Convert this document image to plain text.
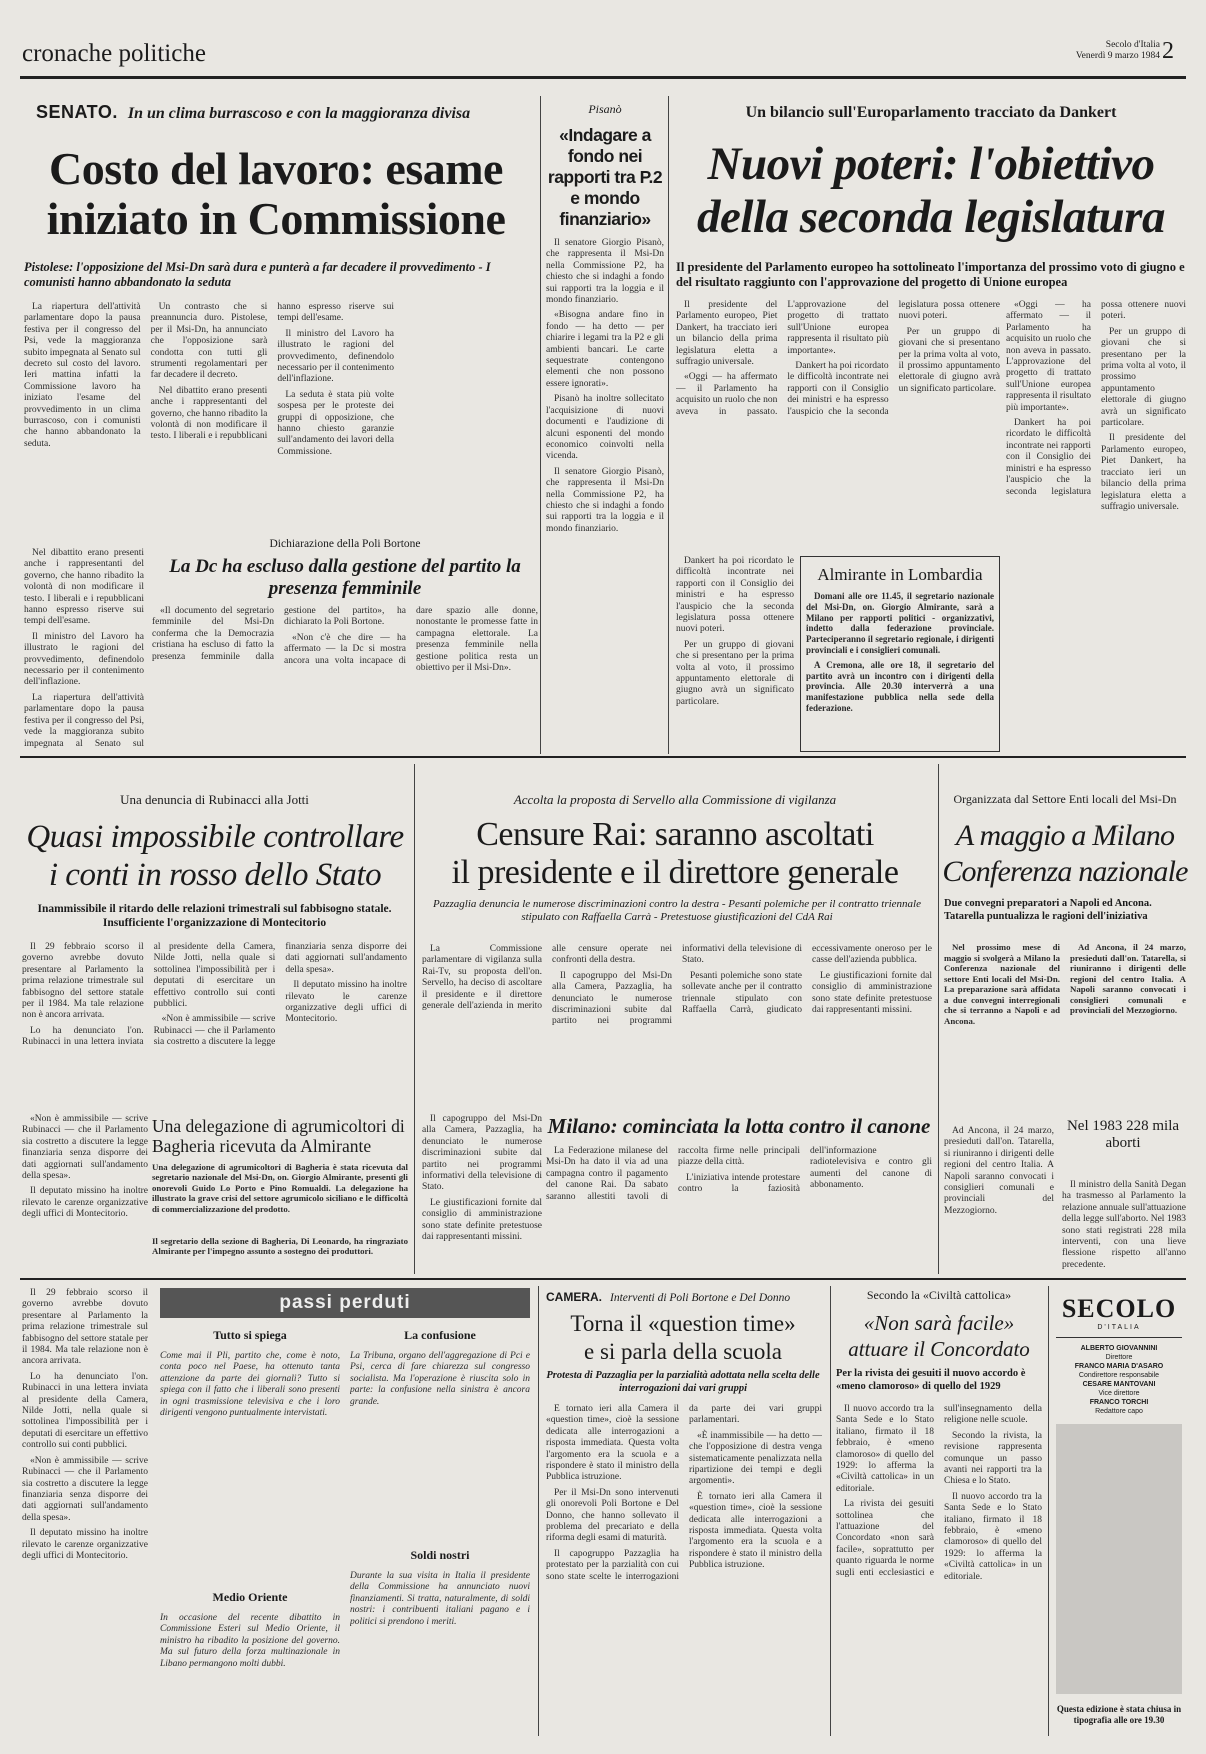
cronache politiche	Secolo d'Italia
Venerdì 9 marzo 1984 2
SENATO. In un clima burrascoso e con la maggioranza divisa
Costo del lavoro: esame
iniziato in Commissione
Pistolese: l'opposizione del Msi-Dn sarà dura e punterà a far decadere il provvedimento - I comunisti hanno abbandonato la seduta

La riapertura dell'attività parlamentare dopo la pausa festiva per il congresso del Psi, vede la maggioranza subito impegnata al Senato sul decreto sul costo del lavoro. Ieri mattina infatti la Commissione lavoro ha iniziato l'esame del provvedimento in un clima burrascoso, con i comunisti che hanno abbandonato la seduta.

Un contrasto che si preannuncia duro. Pistolese, per il Msi-Dn, ha annunciato che l'opposizione sarà condotta con tutti gli strumenti regolamentari per far decadere il decreto.

Nel dibattito erano presenti anche i rappresentanti del governo, che hanno ribadito la volontà di non modificare il testo. I liberali e i repubblicani hanno espresso riserve sui tempi dell'esame.

Il ministro del Lavoro ha illustrato le ragioni del provvedimento, definendolo necessario per il contenimento dell'inflazione.

La seduta è stata più volte sospesa per le proteste dei gruppi di opposizione, che hanno chiesto garanzie sull'andamento dei lavori della Commissione.

Nel dibattito erano presenti anche i rappresentanti del governo, che hanno ribadito la volontà di non modificare il testo. I liberali e i repubblicani hanno espresso riserve sui tempi dell'esame.

Il ministro del Lavoro ha illustrato le ragioni del provvedimento, definendolo necessario per il contenimento dell'inflazione.

La riapertura dell'attività parlamentare dopo la pausa festiva per il congresso del Psi, vede la maggioranza subito impegnata al Senato sul

Dichiarazione della Poli Bortone
La Dc ha escluso dalla gestione del partito la presenza femminile

«Il documento del segretario femminile del Msi-Dn conferma che la Democrazia cristiana ha escluso di fatto la presenza femminile dalla gestione del partito», ha dichiarato la Poli Bortone.

«Non c'è che dire — ha affermato — la Dc si mostra ancora una volta incapace di dare spazio alle donne, nonostante le promesse fatte in campagna elettorale. La presenza femminile nella gestione politica resta un obiettivo per il Msi-Dn».

Pisanò
«Indagare a fondo nei rapporti tra P.2 e mondo finanziario»

Il senatore Giorgio Pisanò, che rappresenta il Msi-Dn nella Commissione P2, ha chiesto che si indaghi a fondo sui rapporti tra la loggia e il mondo finanziario.

«Bisogna andare fino in fondo — ha detto — per chiarire i legami tra la P2 e gli ambienti bancari. Le carte sequestrate contengono elementi che non possono essere ignorati».

Pisanò ha inoltre sollecitato l'acquisizione di nuovi documenti e l'audizione di alcuni esponenti del mondo economico coinvolti nella vicenda.

Il senatore Giorgio Pisanò, che rappresenta il Msi-Dn nella Commissione P2, ha chiesto che si indaghi a fondo sui rapporti tra la loggia e il mondo finanziario.

Un bilancio sull'Europarlamento tracciato da Dankert
Nuovi poteri: l'obiettivo
della seconda legislatura
Il presidente del Parlamento europeo ha sottolineato l'importanza del prossimo voto di giugno e del risultato raggiunto con l'approvazione del progetto di Unione europea

Il presidente del Parlamento europeo, Piet Dankert, ha tracciato ieri un bilancio della prima legislatura eletta a suffragio universale.

«Oggi — ha affermato — il Parlamento ha acquisito un ruolo che non aveva in passato. L'approvazione del progetto di trattato sull'Unione europea rappresenta il risultato più importante».

Dankert ha poi ricordato le difficoltà incontrate nei rapporti con il Consiglio dei ministri e ha espresso l'auspicio che la seconda legislatura possa ottenere nuovi poteri.

Per un gruppo di giovani che si presentano per la prima volta al voto, il prossimo appuntamento elettorale di giugno avrà un significato particolare.

«Oggi — ha affermato — il Parlamento ha acquisito un ruolo che non aveva in passato. L'approvazione del progetto di trattato sull'Unione europea rappresenta il risultato più importante».

Dankert ha poi ricordato le difficoltà incontrate nei rapporti con il Consiglio dei ministri e ha espresso l'auspicio che la seconda legislatura possa ottenere nuovi poteri.

Per un gruppo di giovani che si presentano per la prima volta al voto, il prossimo appuntamento elettorale di giugno avrà un significato particolare.

Il presidente del Parlamento europeo, Piet Dankert, ha tracciato ieri un bilancio della prima legislatura eletta a suffragio universale.

Almirante in Lombardia

Domani alle ore 11.45, il segretario nazionale del Msi-Dn, on. Giorgio Almirante, sarà a Milano per rapporti politici - organizzativi, indetto dalla federazione provinciale. Parteciperanno il segretario regionale, i dirigenti provinciali e i consiglieri comunali.

A Cremona, alle ore 18, il segretario del partito avrà un incontro con i dirigenti della provincia. Alle 20.30 interverrà a una manifestazione pubblica nella sede della federazione.

Dankert ha poi ricordato le difficoltà incontrate nei rapporti con il Consiglio dei ministri e ha espresso l'auspicio che la seconda legislatura possa ottenere nuovi poteri.

Per un gruppo di giovani che si presentano per la prima volta al voto, il prossimo appuntamento elettorale di giugno avrà un significato particolare.

Una denuncia di Rubinacci alla Jotti
Quasi impossibile controllare
i conti in rosso dello Stato
Inammissibile il ritardo delle relazioni trimestrali sul fabbisogno statale. Insufficiente l'organizzazione di Montecitorio

Il 29 febbraio scorso il governo avrebbe dovuto presentare al Parlamento la prima relazione trimestrale sul fabbisogno del settore statale per il 1984. Ma tale relazione non è ancora arrivata.

Lo ha denunciato l'on. Rubinacci in una lettera inviata al presidente della Camera, Nilde Jotti, nella quale si sottolinea l'impossibilità per i deputati di esercitare un effettivo controllo sui conti pubblici.

«Non è ammissibile — scrive Rubinacci — che il Parlamento sia costretto a discutere la legge finanziaria senza disporre dei dati aggiornati sull'andamento della spesa».

Il deputato missino ha inoltre rilevato le carenze organizzative degli uffici di Montecitorio.

«Non è ammissibile — scrive Rubinacci — che il Parlamento sia costretto a discutere la legge finanziaria senza disporre dei dati aggiornati sull'andamento della spesa».

Il deputato missino ha inoltre rilevato le carenze organizzative degli uffici di Montecitorio.

Una delegazione di agrumicoltori di Bagheria ricevuta da Almirante
Una delegazione di agrumicoltori di Bagheria è stata ricevuta dal segretario nazionale del Msi-Dn, on. Giorgio Almirante, presenti gli onorevoli Guido Lo Porto e Pino Romualdi. La delegazione ha illustrato la grave crisi del settore agrumicolo siciliano e le difficoltà di commercializzazione del prodotto.
Il segretario della sezione di Bagheria, Di Leonardo, ha ringraziato Almirante per l'impegno assunto a sostegno dei produttori.
Accolta la proposta di Servello alla Commissione di vigilanza
Censure Rai: saranno ascoltati
il presidente e il direttore generale
Pazzaglia denuncia le numerose discriminazioni contro la destra - Pesanti polemiche per il contratto triennale stipulato con Raffaella Carrà - Pretestuose giustificazioni del CdA Rai

La Commissione parlamentare di vigilanza sulla Rai-Tv, su proposta dell'on. Servello, ha deciso di ascoltare il presidente e il direttore generale dell'azienda in merito alle censure operate nei confronti della destra.

Il capogruppo del Msi-Dn alla Camera, Pazzaglia, ha denunciato le numerose discriminazioni subite dal partito nei programmi informativi della televisione di Stato.

Pesanti polemiche sono state sollevate anche per il contratto triennale stipulato con Raffaella Carrà, giudicato eccessivamente oneroso per le casse dell'azienda pubblica.

Le giustificazioni fornite dal consiglio di amministrazione sono state definite pretestuose dai rappresentanti missini.

Il capogruppo del Msi-Dn alla Camera, Pazzaglia, ha denunciato le numerose discriminazioni subite dal partito nei programmi informativi della televisione di Stato.

Le giustificazioni fornite dal consiglio di amministrazione sono state definite pretestuose dai rappresentanti missini.

Milano: cominciata la lotta contro il canone

La Federazione milanese del Msi-Dn ha dato il via ad una campagna contro il pagamento del canone Rai. Da sabato saranno allestiti tavoli di raccolta firme nelle principali piazze della città.

L'iniziativa intende protestare contro la faziosità dell'informazione radiotelevisiva e contro gli aumenti del canone di abbonamento.

Organizzata dal Settore Enti locali del Msi-Dn
A maggio a Milano
Conferenza nazionale
Due convegni preparatori a Napoli ed Ancona. Tatarella puntualizza le ragioni dell'iniziativa

Nel prossimo mese di maggio si svolgerà a Milano la Conferenza nazionale del settore Enti locali del Msi-Dn. La preparazione sarà affidata a due convegni interregionali che si terranno a Napoli e ad Ancona.

Ad Ancona, il 24 marzo, presieduti dall'on. Tatarella, si riuniranno i dirigenti delle regioni del centro Italia. A Napoli saranno convocati i consiglieri comunali e provinciali del Mezzogiorno.

Ad Ancona, il 24 marzo, presieduti dall'on. Tatarella, si riuniranno i dirigenti delle regioni del centro Italia. A Napoli saranno convocati i consiglieri comunali e provinciali del Mezzogiorno.

Nel 1983 228 mila aborti

Il ministro della Sanità Degan ha trasmesso al Parlamento la relazione annuale sull'attuazione della legge sull'aborto. Nel 1983 sono stati registrati 228 mila interventi, con una lieve flessione rispetto all'anno precedente.

passi perduti
Tutto si spiega
Come mai il Pli, partito che, come è noto, conta poco nel Paese, ha ottenuto tanta attenzione da parte dei giornali? Tutto si spiega con il fatto che i liberali sono presenti in ogni trasmissione televisiva e che i loro dirigenti vengono puntualmente intervistati.
La confusione
La Tribuna, organo dell'aggregazione di Pci e Psi, cerca di fare chiarezza sul congresso socialista. Ma l'operazione è riuscita solo in parte: la confusione nella sinistra è ancora grande.
Soldi nostri
Durante la sua visita in Italia il presidente della Commissione ha annunciato nuovi finanziamenti. Si tratta, naturalmente, di soldi nostri: i contribuenti italiani pagano e i politici si prendono i meriti.
Medio Oriente
In occasione del recente dibattito in Commissione Esteri sul Medio Oriente, il ministro ha ribadito la posizione del governo. Ma sul futuro della forza multinazionale in Libano permangono molti dubbi.

Il 29 febbraio scorso il governo avrebbe dovuto presentare al Parlamento la prima relazione trimestrale sul fabbisogno del settore statale per il 1984. Ma tale relazione non è ancora arrivata.

Lo ha denunciato l'on. Rubinacci in una lettera inviata al presidente della Camera, Nilde Jotti, nella quale si sottolinea l'impossibilità per i deputati di esercitare un effettivo controllo sui conti pubblici.

«Non è ammissibile — scrive Rubinacci — che il Parlamento sia costretto a discutere la legge finanziaria senza disporre dei dati aggiornati sull'andamento della spesa».

Il deputato missino ha inoltre rilevato le carenze organizzative degli uffici di Montecitorio.

CAMERA. Interventi di Poli Bortone e Del Donno
Torna il «question time»
e si parla della scuola
Protesta di Pazzaglia per la parzialità adottata nella scelta delle interrogazioni dai vari gruppi

È tornato ieri alla Camera il «question time», cioè la sessione dedicata alle interrogazioni a risposta immediata. Questa volta l'argomento era la scuola e a rispondere è stato il ministro della Pubblica istruzione.

Per il Msi-Dn sono intervenuti gli onorevoli Poli Bortone e Del Donno, che hanno sollevato il problema del precariato e della riforma degli esami di maturità.

Il capogruppo Pazzaglia ha protestato per la parzialità con cui sono state scelte le interrogazioni da parte dei vari gruppi parlamentari.

«È inammissibile — ha detto — che l'opposizione di destra venga sistematicamente penalizzata nella ripartizione dei tempi e degli argomenti».

È tornato ieri alla Camera il «question time», cioè la sessione dedicata alle interrogazioni a risposta immediata. Questa volta l'argomento era la scuola e a rispondere è stato il ministro della Pubblica istruzione.

Secondo la «Civiltà cattolica»
«Non sarà facile»
attuare il Concordato
Per la rivista dei gesuiti il nuovo accordo è «meno clamoroso» di quello del 1929

Il nuovo accordo tra la Santa Sede e lo Stato italiano, firmato il 18 febbraio, è «meno clamoroso» di quello del 1929: lo afferma la «Civiltà cattolica» in un editoriale.

La rivista dei gesuiti sottolinea che l'attuazione del Concordato «non sarà facile», soprattutto per quanto riguarda le norme sugli enti ecclesiastici e sull'insegnamento della religione nelle scuole.

Secondo la rivista, la revisione rappresenta comunque un passo avanti nei rapporti tra la Chiesa e lo Stato.

Il nuovo accordo tra la Santa Sede e lo Stato italiano, firmato il 18 febbraio, è «meno clamoroso» di quello del 1929: lo afferma la «Civiltà cattolica» in un editoriale.

SECOLO
D'ITALIA
ALBERTO GIOVANNINI
Direttore
FRANCO MARIA D'ASARO
Condirettore responsabile
CESARE MANTOVANI
Vice direttore
FRANCO TORCHI
Redattore capo
Questa edizione è stata chiusa in tipografia alle ore 19.30
